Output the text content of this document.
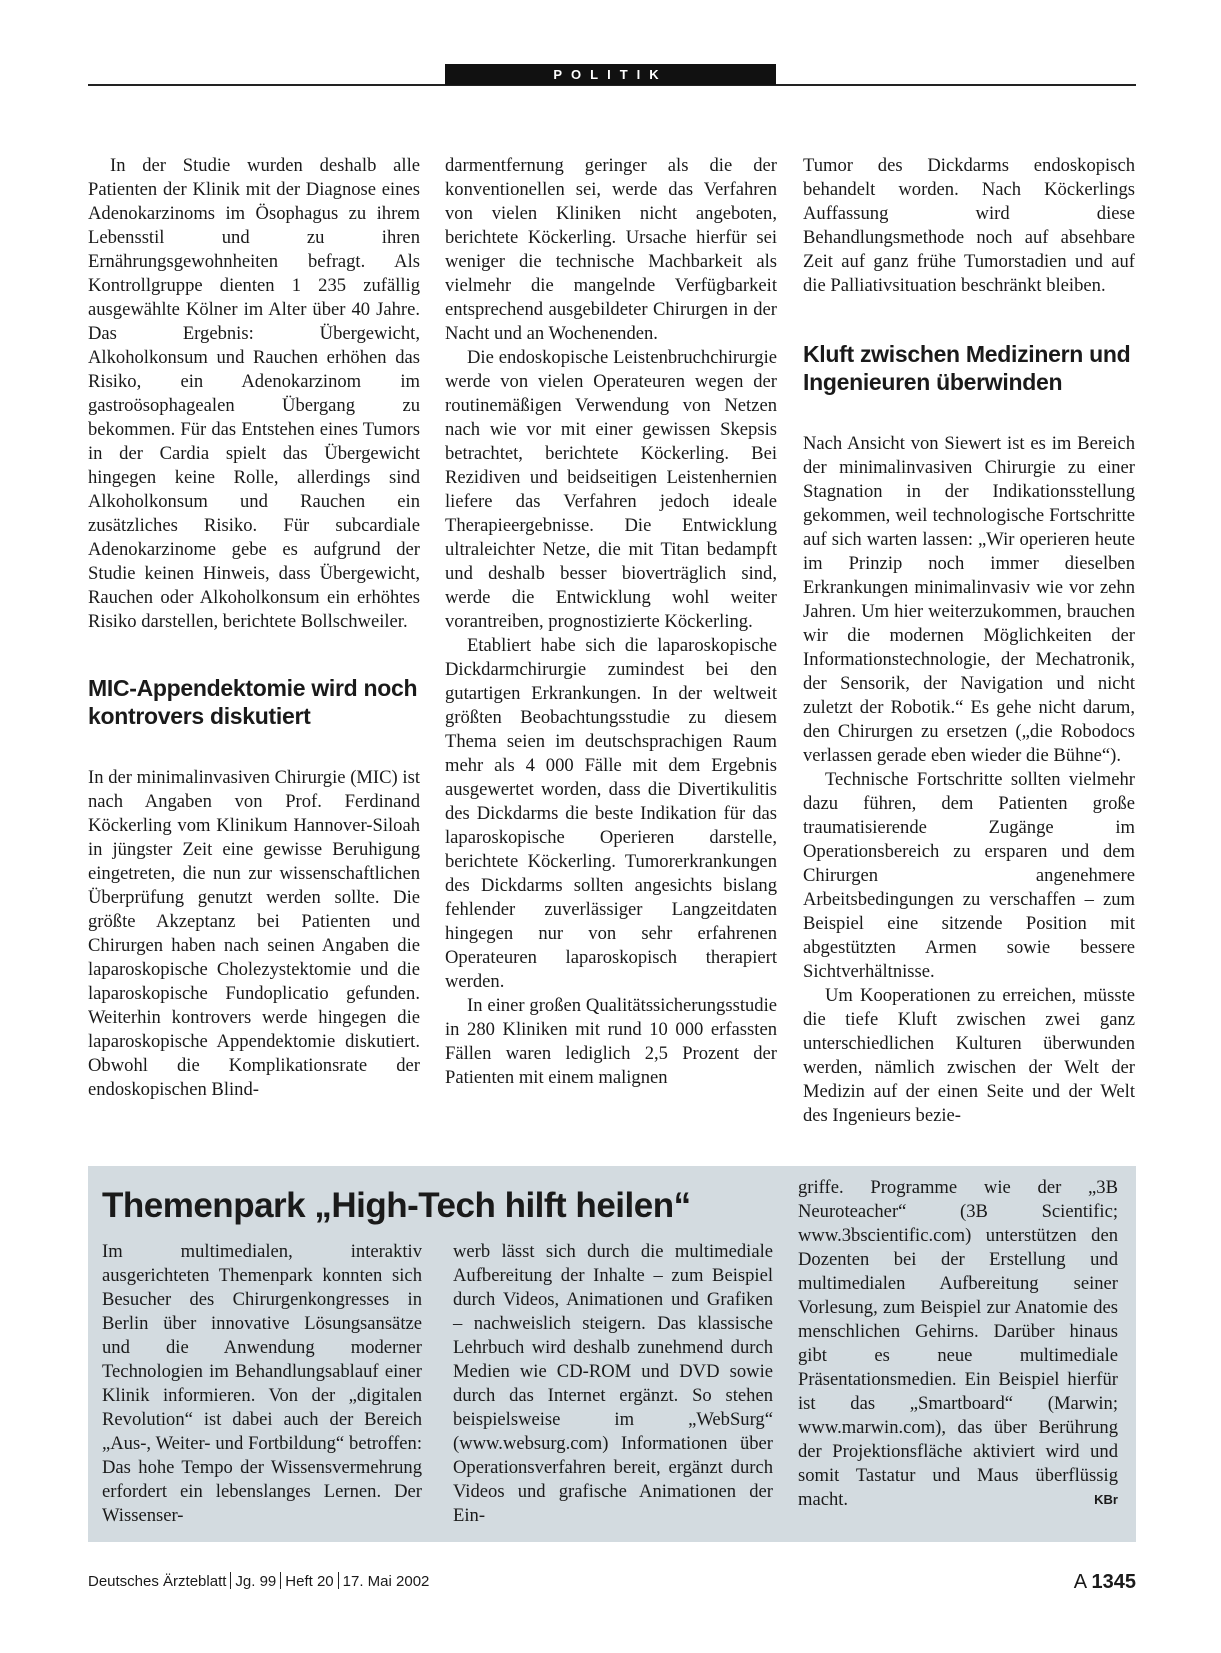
POLITIK

In der Studie wurden deshalb alle Patienten der Klinik mit der Diagnose eines Adenokarzinoms im Ösophagus zu ihrem Lebensstil und zu ihren Ernährungsgewohnheiten befragt. Als Kontrollgruppe dienten 1 235 zufällig ausgewählte Kölner im Alter über 40 Jahre. Das Ergebnis: Übergewicht, Alkoholkonsum und Rauchen erhöhen das Risiko, ein Adenokarzinom im gastroösophagealen Übergang zu bekommen. Für das Entstehen eines Tumors in der Cardia spielt das Übergewicht hingegen keine Rolle, allerdings sind Alkoholkonsum und Rauchen ein zusätzliches Risiko. Für subcardiale Adenokarzinome gebe es aufgrund der Studie keinen Hinweis, dass Übergewicht, Rauchen oder Alkoholkonsum ein erhöhtes Risiko darstellen, berichtete Bollschweiler.

MIC-Appendektomie wird noch kontrovers diskutiert

In der minimalinvasiven Chirurgie (MIC) ist nach Angaben von Prof. Ferdinand Köckerling vom Klinikum Hannover-Siloah in jüngster Zeit eine gewisse Beruhigung eingetreten, die nun zur wissenschaftlichen Überprüfung genutzt werden sollte. Die größte Akzeptanz bei Patienten und Chirurgen haben nach seinen Angaben die laparoskopische Cholezystektomie und die laparoskopische Fundoplicatio gefunden. Weiterhin kontrovers werde hingegen die laparoskopische Appendektomie diskutiert. Obwohl die Komplikationsrate der endoskopischen Blind-

darmentfernung geringer als die der konventionellen sei, werde das Verfahren von vielen Kliniken nicht angeboten, berichtete Köckerling. Ursache hierfür sei weniger die technische Machbarkeit als vielmehr die mangelnde Verfügbarkeit entsprechend ausgebildeter Chirurgen in der Nacht und an Wochenenden.

Die endoskopische Leistenbruchchirurgie werde von vielen Operateuren wegen der routinemäßigen Verwendung von Netzen nach wie vor mit einer gewissen Skepsis betrachtet, berichtete Köckerling. Bei Rezidiven und beidseitigen Leistenhernien liefere das Verfahren jedoch ideale Therapieergebnisse. Die Entwicklung ultraleichter Netze, die mit Titan bedampft und deshalb besser bioverträglich sind, werde die Entwicklung wohl weiter vorantreiben, prognostizierte Köckerling.

Etabliert habe sich die laparoskopische Dickdarmchirurgie zumindest bei den gutartigen Erkrankungen. In der weltweit größten Beobachtungsstudie zu diesem Thema seien im deutschsprachigen Raum mehr als 4 000 Fälle mit dem Ergebnis ausgewertet worden, dass die Divertikulitis des Dickdarms die beste Indikation für das laparoskopische Operieren darstelle, berichtete Köckerling. Tumorerkrankungen des Dickdarms sollten angesichts bislang fehlender zuverlässiger Langzeitdaten hingegen nur von sehr erfahrenen Operateuren laparoskopisch therapiert werden.

In einer großen Qualitätssicherungsstudie in 280 Kliniken mit rund 10 000 erfassten Fällen waren lediglich 2,5 Prozent der Patienten mit einem malignen

Tumor des Dickdarms endoskopisch behandelt worden. Nach Köckerlings Auffassung wird diese Behandlungsmethode noch auf absehbare Zeit auf ganz frühe Tumorstadien und auf die Palliativsituation beschränkt bleiben.

Kluft zwischen Medizinern und Ingenieuren überwinden

Nach Ansicht von Siewert ist es im Bereich der minimalinvasiven Chirurgie zu einer Stagnation in der Indikationsstellung gekommen, weil technologische Fortschritte auf sich warten lassen: „Wir operieren heute im Prinzip noch immer dieselben Erkrankungen minimalinvasiv wie vor zehn Jahren. Um hier weiterzukommen, brauchen wir die modernen Möglichkeiten der Informationstechnologie, der Mechatronik, der Sensorik, der Navigation und nicht zuletzt der Robotik.“ Es gehe nicht darum, den Chirurgen zu ersetzen („die Robodocs verlassen gerade eben wieder die Bühne“).

Technische Fortschritte sollten vielmehr dazu führen, dem Patienten große traumatisierende Zugänge im Operationsbereich zu ersparen und dem Chirurgen angenehmere Arbeitsbedingungen zu verschaffen – zum Beispiel eine sitzende Position mit abgestützten Armen sowie bessere Sichtverhältnisse.

Um Kooperationen zu erreichen, müsste die tiefe Kluft zwischen zwei ganz unterschiedlichen Kulturen überwunden werden, nämlich zwischen der Welt der Medizin auf der einen Seite und der Welt des Ingenieurs bezie-

Themenpark „High-Tech hilft heilen“

Im multimedialen, interaktiv ausgerichteten Themenpark konnten sich Besucher des Chirurgenkongresses in Berlin über innovative Lösungsansätze und die Anwendung moderner Technologien im Behandlungsablauf einer Klinik informieren. Von der „digitalen Revolution“ ist dabei auch der Bereich „Aus-, Weiter- und Fortbildung“ betroffen: Das hohe Tempo der Wissensvermehrung erfordert ein lebenslanges Lernen. Der Wissenser-

werb lässt sich durch die multimediale Aufbereitung der Inhalte – zum Beispiel durch Videos, Animationen und Grafiken – nachweislich steigern. Das klassische Lehrbuch wird deshalb zunehmend durch Medien wie CD-ROM und DVD sowie durch das Internet ergänzt. So stehen beispielsweise im „WebSurg“ (www.websurg.com) Informationen über Operationsverfahren bereit, ergänzt durch Videos und grafische Animationen der Ein-

griffe. Programme wie der „3B Neuroteacher“ (3B Scientific; www.3bscientific.com) unterstützen den Dozenten bei der Erstellung und multimedialen Aufbereitung seiner Vorlesung, zum Beispiel zur Anatomie des menschlichen Gehirns. Darüber hinaus gibt es neue multimediale Präsentationsmedien. Ein Beispiel hierfür ist das „Smartboard“ (Marwin; www.marwin.com), das über Berührung der Projektionsfläche aktiviert wird und somit Tastatur und Maus überflüssig macht.	KBr

Deutsches Ärzteblatt Jg. 99 Heft 20 17. Mai 2002	A 1345
